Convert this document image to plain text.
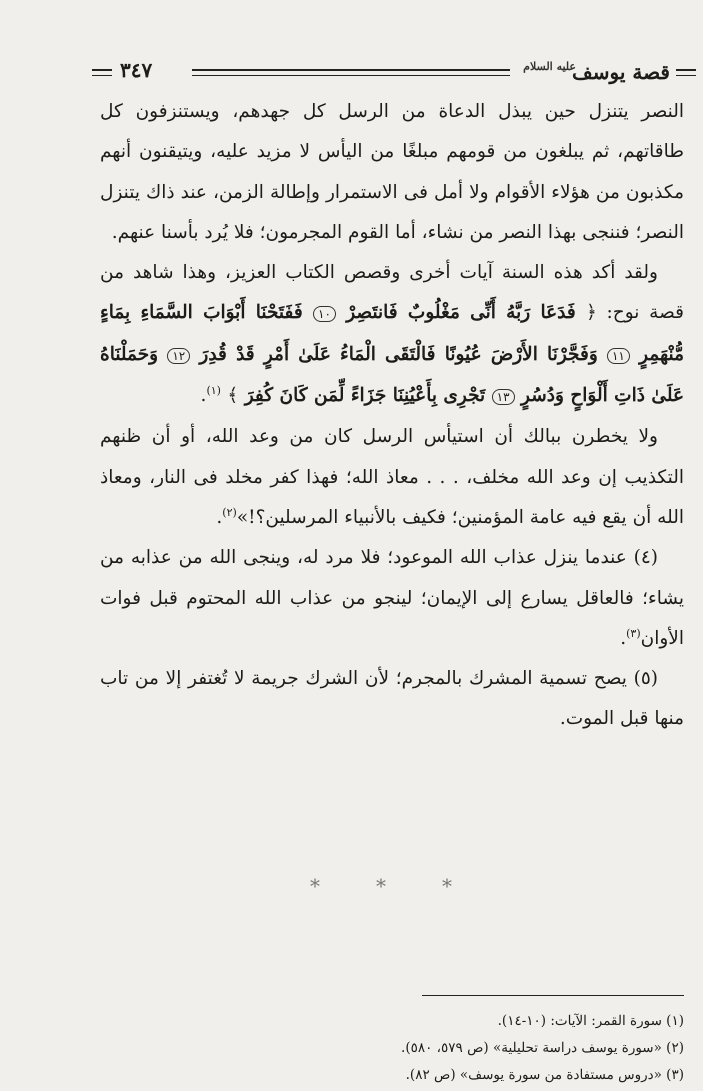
قصة يوسف
عليه السلام
٣٤٧

النصر يتنزل حين يبذل الدعاة من الرسل كل جهدهم، ويستنزفون كل طاقاتهم، ثم يبلغون من قومهم مبلغًا من اليأس لا مزيد عليه، ويتيقنون أنهم مكذبون من هؤلاء الأقوام ولا أمل فى الاستمرار وإطالة الزمن، عند ذاك يتنزل النصر؛ فننجى بهذا النصر من نشاء، أما القوم المجرمون؛ فلا يُرد بأسنا عنهم.

ولقد أكد هذه السنة آيات أخرى وقصص الكتاب العزيز، وهذا شاهد من قصة نوح: ﴿ فَدَعَا رَبَّهُ أَنِّى مَغْلُوبٌ فَانتَصِرْ ١٠ فَفَتَحْنَا أَبْوَابَ السَّمَاءِ بِمَاءٍ مُّنْهَمِرٍ ١١ وَفَجَّرْنَا الأَرْضَ عُيُونًا فَالْتَقَى الْمَاءُ عَلَىٰ أَمْرٍ قَدْ قُدِرَ ١٢ وَحَمَلْنَاهُ عَلَىٰ ذَاتِ أَلْوَاحٍ وَدُسُرٍ ١٣ تَجْرِى بِأَعْيُنِنَا جَزَاءً لِّمَن كَانَ كُفِرَ ﴾ $^{(١)}$.

ولا يخطرن ببالك أن استيأس الرسل كان من وعد الله، أو أن ظنهم التكذيب إن وعد الله مخلف، . . . معاذ الله؛ فهذا كفر مخلد فى النار، ومعاذ الله أن يقع فيه عامة المؤمنين؛ فكيف بالأنبياء المرسلين؟!»$^{(٢)}$.

(٤) عندما ينزل عذاب الله الموعود؛ فلا مرد له، وينجى الله من عذابه من يشاء؛ فالعاقل يسارع إلى الإيمان؛ لينجو من عذاب الله المحتوم قبل فوات الأوان$^{(٣)}$.

(٥) يصح تسمية المشرك بالمجرم؛ لأن الشرك جريمة لا تُغتفر إلا من تاب منها قبل الموت.

*	*	*

(١) سورة القمر: الآيات: (١٠-١٤).

(٢) «سورة يوسف دراسة تحليلية» (ص ٥٧٩، ٥٨٠).

(٣) «دروس مستفادة من سورة يوسف» (ص ٨٢).
